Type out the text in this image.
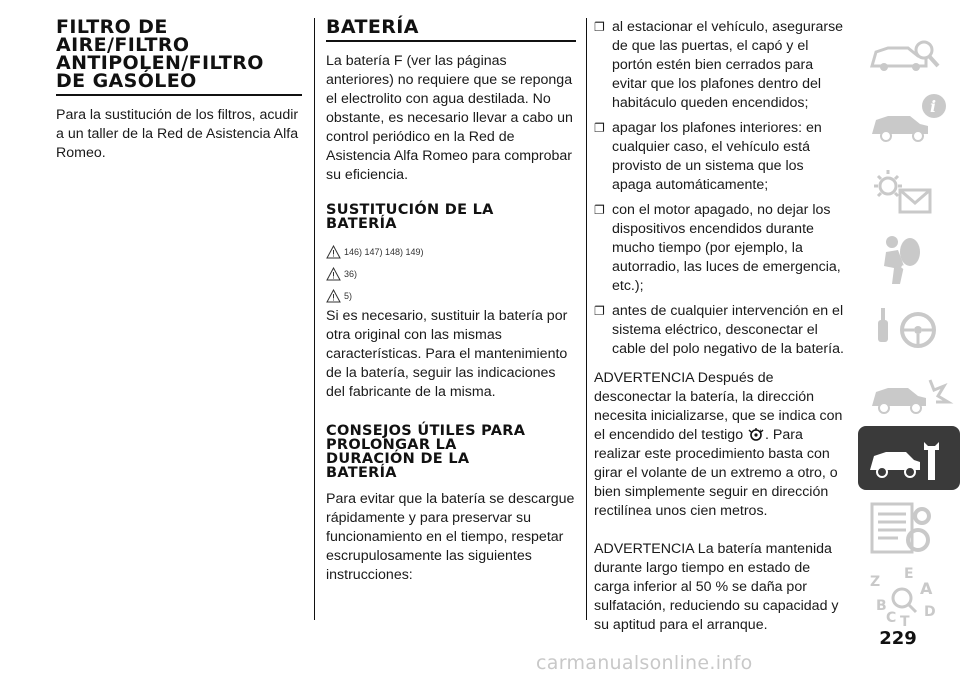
FILTRO DE
AIRE/FILTRO
ANTIPOLEN/FILTRO
DE GASÓLEO

Para la sustitución de los filtros, acudir a un taller de la Red de Asistencia Alfa Romeo.

BATERÍA

La batería F (ver las páginas anteriores) no requiere que se reponga el electrolito con agua destilada. No obstante, es necesario llevar a cabo un control periódico en la Red de Asistencia Alfa Romeo para comprobar su eficiencia.

SUSTITUCIÓN DE LA
BATERÍA
146) 147) 148) 149)
36)
5)

Si es necesario, sustituir la batería por otra original con las mismas características. Para el mantenimiento de la batería, seguir las indicaciones del fabricante de la misma.

CONSEJOS ÚTILES PARA
PROLONGAR LA
DURACIÓN DE LA
BATERÍA

Para evitar que la batería se descargue rápidamente y para preservar su funcionamiento en el tiempo, respetar escrupulosamente las siguientes instrucciones:

❐ al estacionar el vehículo, asegurarse de que las puertas, el capó y el portón estén bien cerrados para evitar que los plafones dentro del habitáculo queden encendidos;
❐ apagar los plafones interiores: en cualquier caso, el vehículo está provisto de un sistema que los apaga automáticamente;
❐ con el motor apagado, no dejar los dispositivos encendidos durante mucho tiempo (por ejemplo, la autorradio, las luces de emergencia, etc.);
❐ antes de cualquier intervención en el sistema eléctrico, desconectar el cable del polo negativo de la batería.

ADVERTENCIA Después de desconectar la batería, la dirección necesita inicializarse, que se indica con el encendido del testigo	! . Para realizar este procedimiento basta con girar el volante de un extremo a otro, o bien simplemente seguir en dirección rectilínea unos cien metros.

ADVERTENCIA La batería mantenida durante largo tiempo en estado de carga inferior al 50 % se daña por sulfatación, reduciendo su capacidad y su aptitud para el arranque.

i
Z E
A
B
C T
D
229
carmanualsonline.info
